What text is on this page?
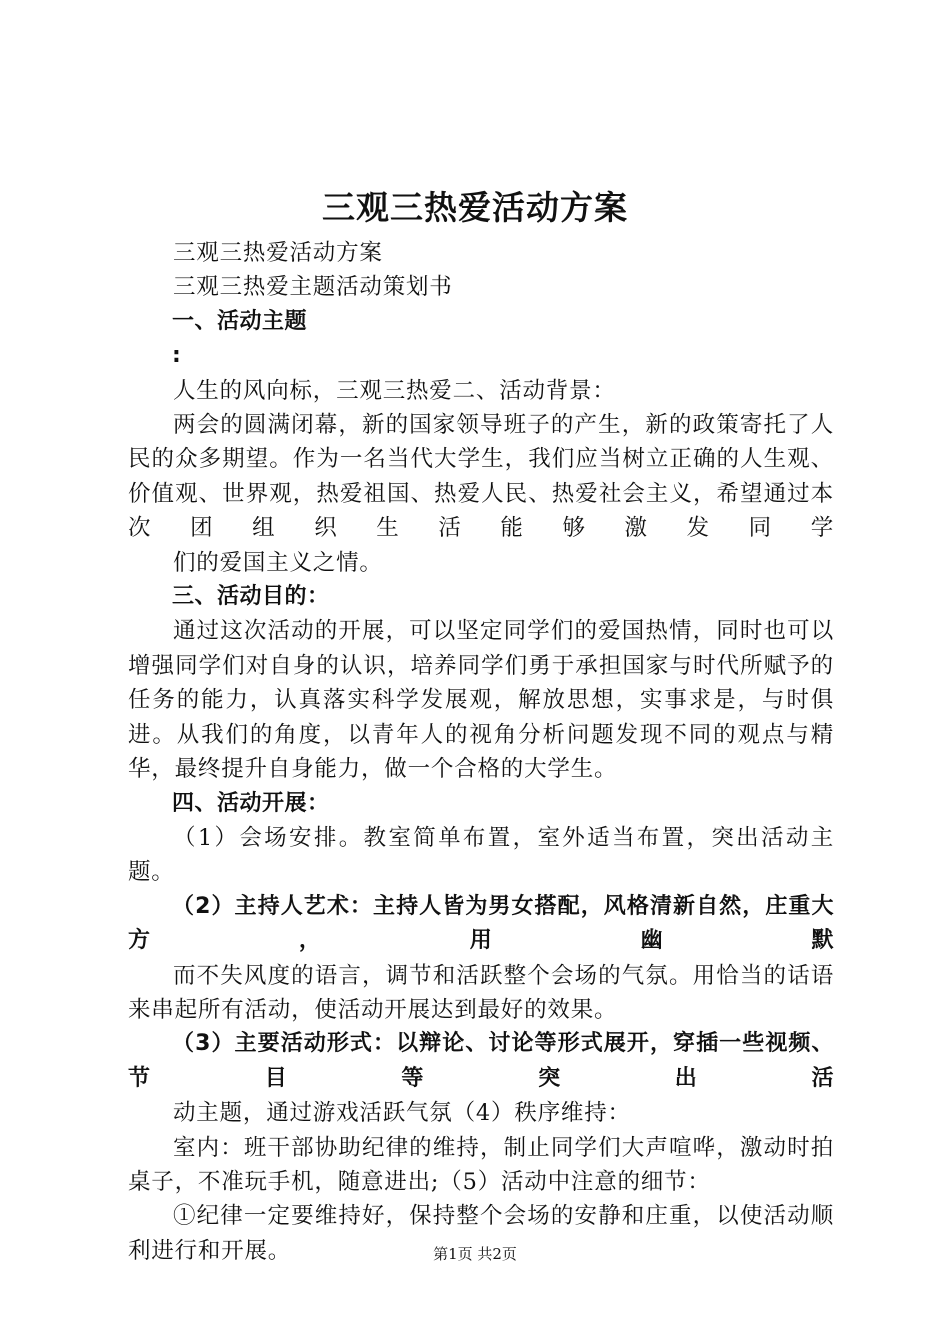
三观三热爱活动方案

三观三热爱活动方案

三观三热爱主题活动策划书

一、活动主题

:

人生的风向标，三观三热爱二、活动背景：

两会的圆满闭幕，新的国家领导班子的产生，新的政策寄托了人民的众多期望。作为一名当代大学生，我们应当树立正确的人生观、价值观、世界观，热爱祖国、热爱人民、热爱社会主义，希望通过本次团组织生活能够激发同学

们的爱国主义之情。

三、活动目的：

通过这次活动的开展，可以坚定同学们的爱国热情，同时也可以增强同学们对自身的认识，培养同学们勇于承担国家与时代所赋予的任务的能力，认真落实科学发展观，解放思想，实事求是，与时俱进。从我们的角度，以青年人的视角分析问题发现不同的观点与精华，最终提升自身能力，做一个合格的大学生。

四、活动开展：

（1）会场安排。教室简单布置，室外适当布置，突出活动主题。

（2）主持人艺术：主持人皆为男女搭配，风格清新自然，庄重大方，用幽默

而不失风度的语言，调节和活跃整个会场的气氛。用恰当的话语来串起所有活动，使活动开展达到最好的效果。

（3）主要活动形式：以辩论、讨论等形式展开，穿插一些视频、节目等突出活

动主题，通过游戏活跃气氛（4）秩序维持：

室内：班干部协助纪律的维持，制止同学们大声喧哗，激动时拍桌子，不准玩手机，随意进出;（5）活动中注意的细节：

①纪律一定要维持好，保持整个会场的安静和庄重，以使活动顺利进行和开展。	第1页 共2页
